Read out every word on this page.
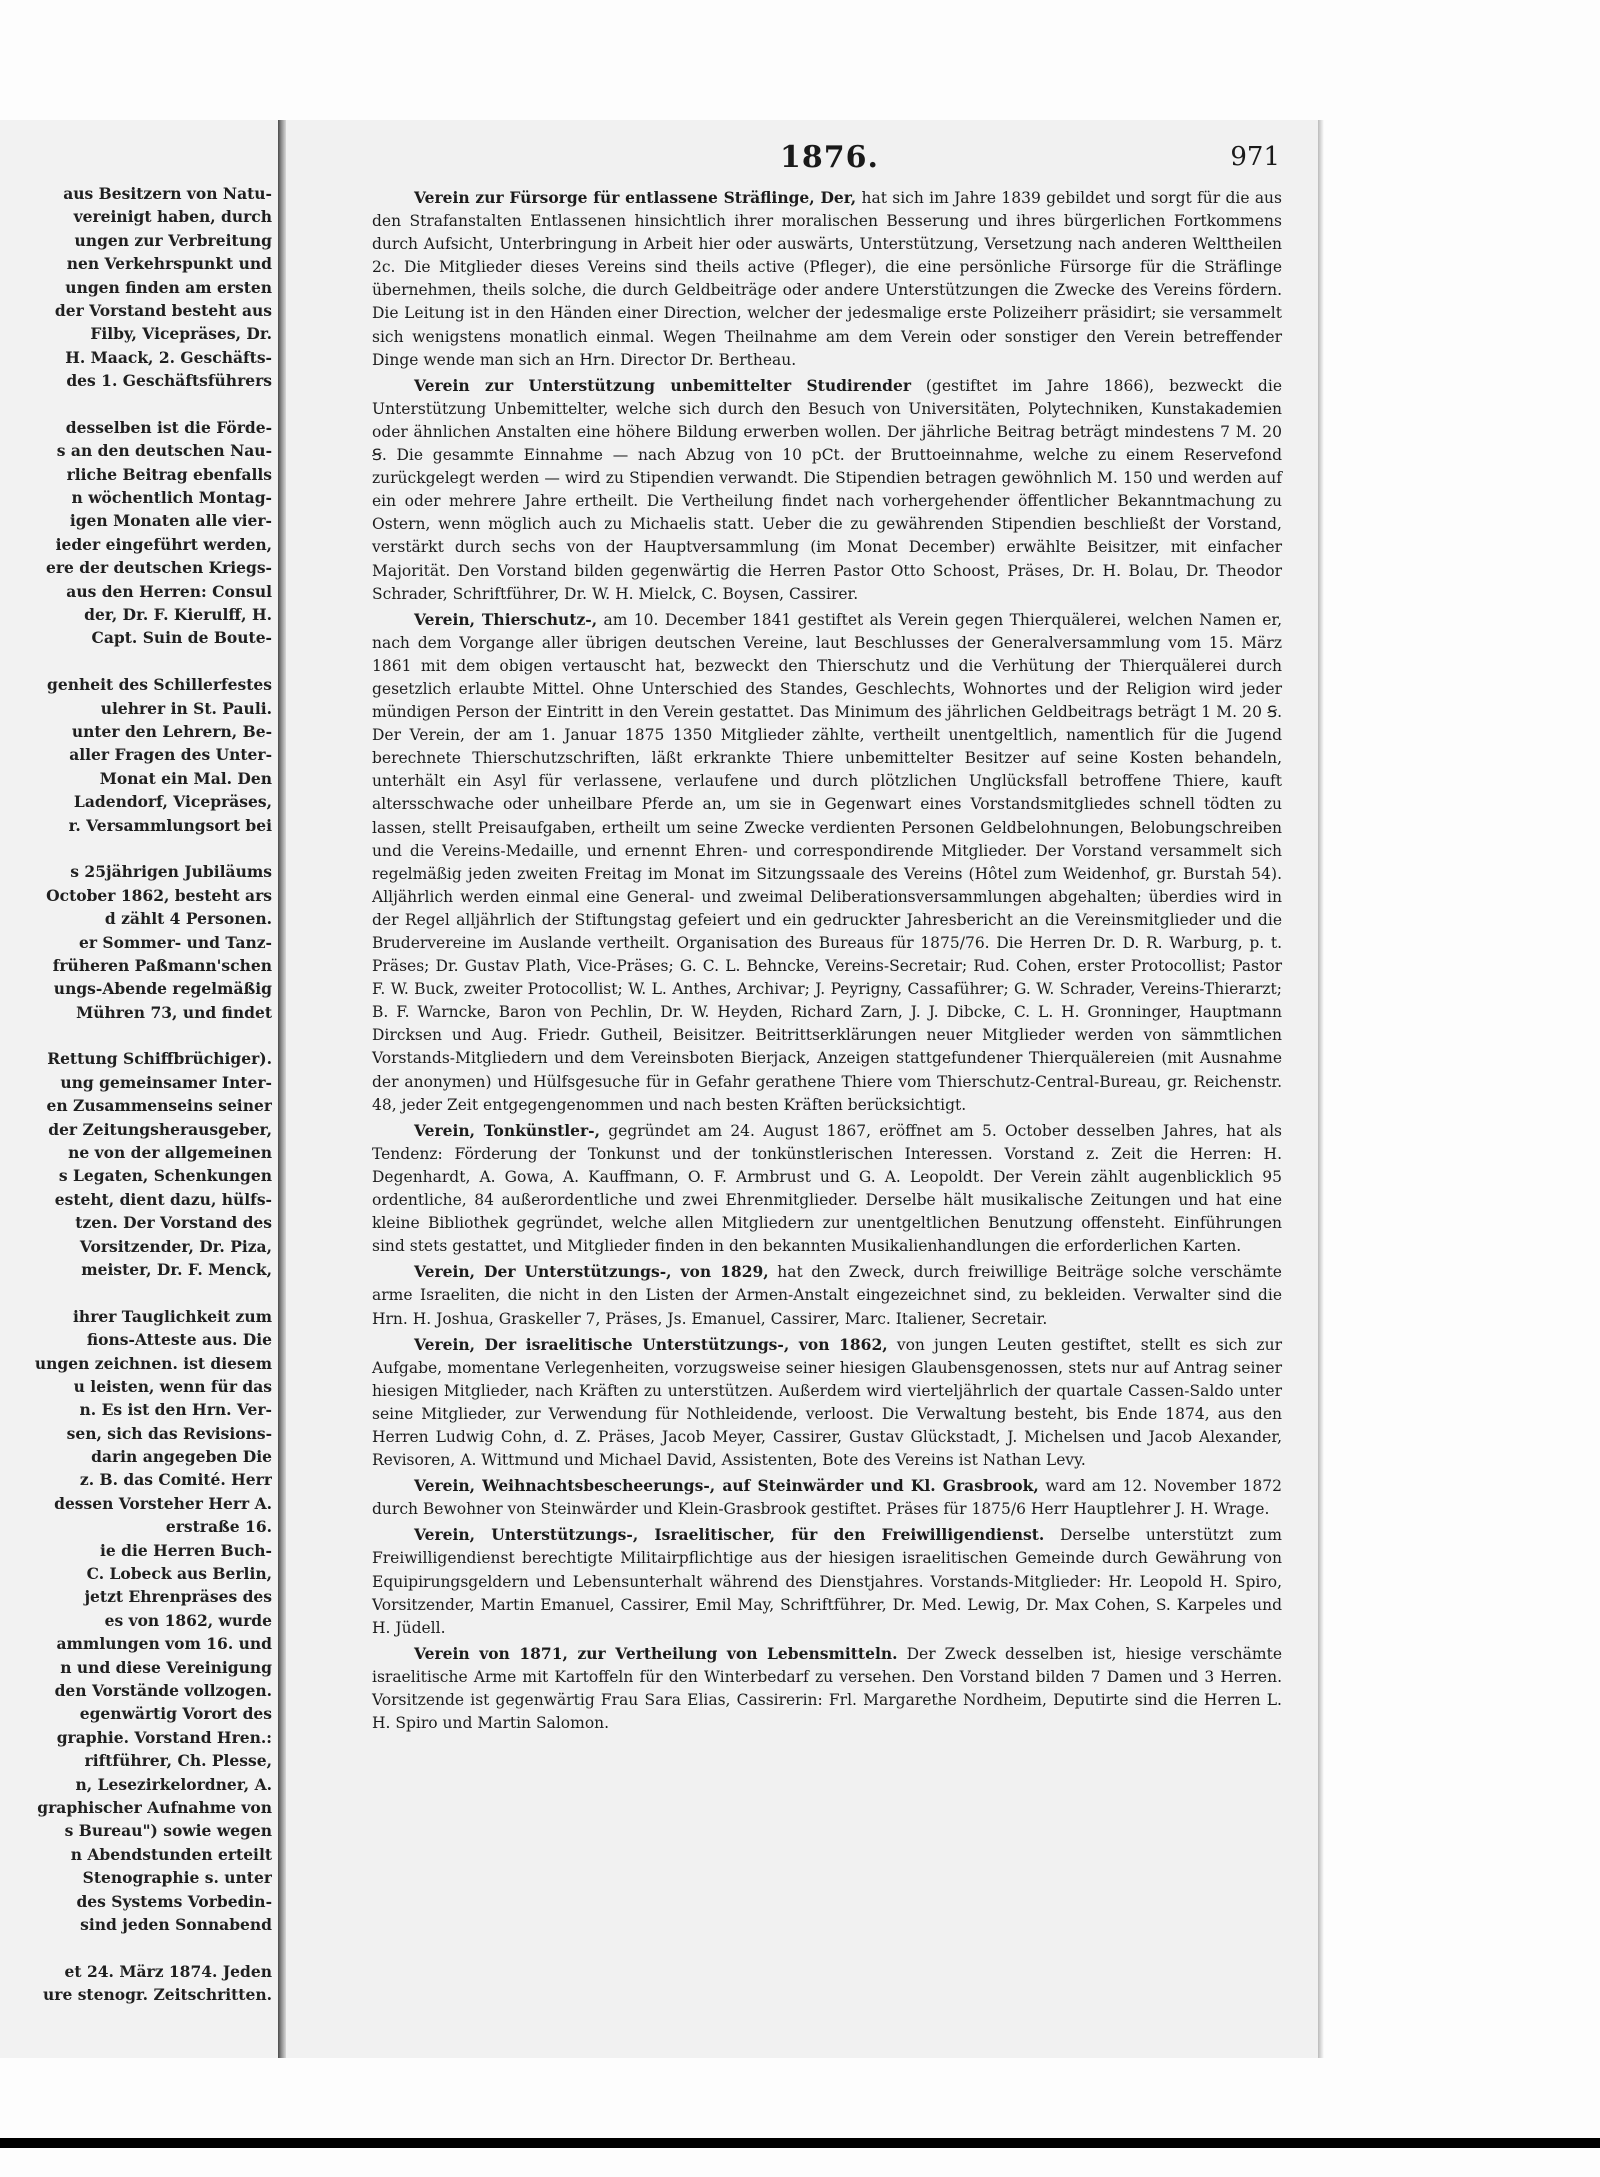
aus Besitzern von Natu-
vereinigt haben, durch
ungen zur Verbreitung
nen Verkehrspunkt und
ungen finden am ersten
der Vorstand besteht aus
Filby, Vicepräses, Dr.
H. Maack, 2. Geschäfts-
des 1. Geschäftsführers

desselben ist die Förde-
s an den deutschen Nau-
rliche Beitrag ebenfalls
n wöchentlich Montag-
igen Monaten alle vier-
ieder eingeführt werden,
ere der deutschen Kriegs-
aus den Herren: Consul
der, Dr. F. Kierulff, H.
Capt. Suin de Boute-

genheit des Schillerfestes
ulehrer in St. Pauli.
unter den Lehrern, Be-
aller Fragen des Unter-
Monat ein Mal. Den
Ladendorf, Vicepräses,
r. Versammlungsort bei

s 25jährigen Jubiläums
October 1862, besteht ars
d zählt 4 Personen.
er Sommer- und Tanz-
früheren Paßmann'schen
ungs-Abende regelmäßig
Mühren 73, und findet

Rettung Schiffbrüchiger).
ung gemeinsamer Inter-
en Zusammenseins seiner
der Zeitungsherausgeber,
ne von der allgemeinen
s Legaten, Schenkungen
esteht, dient dazu, hülfs-
tzen. Der Vorstand des
Vorsitzender, Dr. Piza,
meister, Dr. F. Menck,

ihrer Tauglichkeit zum
fions-Atteste aus. Die
ungen zeichnen. ist diesem
u leisten, wenn für das
n. Es ist den Hrn. Ver-
sen, sich das Revisions-
darin angegeben Die
z. B. das Comité. Herr
dessen Vorsteher Herr A.
erstraße 16.
ie die Herren Buch-
C. Lobeck aus Berlin,
jetzt Ehrenpräses des
es von 1862, wurde
ammlungen vom 16. und
n und diese Vereinigung
den Vorstände vollzogen.
egenwärtig Vorort des
graphie. Vorstand Hren.:
riftführer, Ch. Plesse,
n, Lesezirkelordner, A.
graphischer Aufnahme von
s Bureau") sowie wegen
n Abendstunden erteilt
Stenographie s. unter
des Systems Vorbedin-
sind jeden Sonnabend

et 24. März 1874. Jeden
ure stenogr. Zeitschritten.
1876.	971

Verein zur Fürsorge für entlassene Sträflinge, Der, hat sich im Jahre 1839 gebildet und sorgt für die aus den Strafanstalten Entlassenen hinsichtlich ihrer moralischen Besserung und ihres bürgerlichen Fortkommens durch Aufsicht, Unterbringung in Arbeit hier oder auswärts, Unterstützung, Versetzung nach anderen Welttheilen 2c. Die Mitglieder dieses Vereins sind theils active (Pfleger), die eine persönliche Fürsorge für die Sträflinge übernehmen, theils solche, die durch Geldbeiträge oder andere Unterstützungen die Zwecke des Vereins fördern. Die Leitung ist in den Händen einer Direction, welcher der jedesmalige erste Polizeiherr präsidirt; sie versammelt sich wenigstens monatlich einmal. Wegen Theilnahme am dem Verein oder sonstiger den Verein betreffender Dinge wende man sich an Hrn. Director Dr. Bertheau.

Verein zur Unterstützung unbemittelter Studirender (gestiftet im Jahre 1866), bezweckt die Unterstützung Unbemittelter, welche sich durch den Besuch von Universitäten, Polytechniken, Kunstakademien oder ähnlichen Anstalten eine höhere Bildung erwerben wollen. Der jährliche Beitrag beträgt mindestens 7 M. 20 Ꞩ. Die gesammte Einnahme — nach Abzug von 10 pCt. der Bruttoeinnahme, welche zu einem Reservefond zurückgelegt werden — wird zu Stipendien verwandt. Die Stipendien betragen gewöhnlich M. 150 und werden auf ein oder mehrere Jahre ertheilt. Die Vertheilung findet nach vorhergehender öffentlicher Bekanntmachung zu Ostern, wenn möglich auch zu Michaelis statt. Ueber die zu gewährenden Stipendien beschließt der Vorstand, verstärkt durch sechs von der Hauptversammlung (im Monat December) erwählte Beisitzer, mit einfacher Majorität. Den Vorstand bilden gegenwärtig die Herren Pastor Otto Schoost, Präses, Dr. H. Bolau, Dr. Theodor Schrader, Schriftführer, Dr. W. H. Mielck, C. Boysen, Cassirer.

Verein, Thierschutz-, am 10. December 1841 gestiftet als Verein gegen Thierquälerei, welchen Namen er, nach dem Vorgange aller übrigen deutschen Vereine, laut Beschlusses der Generalversammlung vom 15. März 1861 mit dem obigen vertauscht hat, bezweckt den Thierschutz und die Verhütung der Thierquälerei durch gesetzlich erlaubte Mittel. Ohne Unterschied des Standes, Geschlechts, Wohnortes und der Religion wird jeder mündigen Person der Eintritt in den Verein gestattet. Das Minimum des jährlichen Geldbeitrags beträgt 1 M. 20 Ꞩ. Der Verein, der am 1. Januar 1875 1350 Mitglieder zählte, vertheilt unentgeltlich, namentlich für die Jugend berechnete Thierschutzschriften, läßt erkrankte Thiere unbemittelter Besitzer auf seine Kosten behandeln, unterhält ein Asyl für verlassene, verlaufene und durch plötzlichen Unglücksfall betroffene Thiere, kauft altersschwache oder unheilbare Pferde an, um sie in Gegenwart eines Vorstandsmitgliedes schnell tödten zu lassen, stellt Preisaufgaben, ertheilt um seine Zwecke verdienten Personen Geldbelohnungen, Belobungschreiben und die Vereins-Medaille, und ernennt Ehren- und correspondirende Mitglieder. Der Vorstand versammelt sich regelmäßig jeden zweiten Freitag im Monat im Sitzungssaale des Vereins (Hôtel zum Weidenhof, gr. Burstah 54). Alljährlich werden einmal eine General- und zweimal Deliberationsversammlungen abgehalten; überdies wird in der Regel alljährlich der Stiftungstag gefeiert und ein gedruckter Jahresbericht an die Vereinsmitglieder und die Brudervereine im Auslande vertheilt. Organisation des Bureaus für 1875/76. Die Herren Dr. D. R. Warburg, p. t. Präses; Dr. Gustav Plath, Vice-Präses; G. C. L. Behncke, Vereins-Secretair; Rud. Cohen, erster Protocollist; Pastor F. W. Buck, zweiter Protocollist; W. L. Anthes, Archivar; J. Peyrigny, Cassaführer; G. W. Schrader, Vereins-Thierarzt; B. F. Warncke, Baron von Pechlin, Dr. W. Heyden, Richard Zarn, J. J. Dibcke, C. L. H. Gronninger, Hauptmann Dircksen und Aug. Friedr. Gutheil, Beisitzer. Beitrittserklärungen neuer Mitglieder werden von sämmtlichen Vorstands-Mitgliedern und dem Vereinsboten Bierjack, Anzeigen stattgefundener Thierquälereien (mit Ausnahme der anonymen) und Hülfsgesuche für in Gefahr gerathene Thiere vom Thierschutz-Central-Bureau, gr. Reichenstr. 48, jeder Zeit entgegengenommen und nach besten Kräften berücksichtigt.

Verein, Tonkünstler-, gegründet am 24. August 1867, eröffnet am 5. October desselben Jahres, hat als Tendenz: Förderung der Tonkunst und der tonkünstlerischen Interessen. Vorstand z. Zeit die Herren: H. Degenhardt, A. Gowa, A. Kauffmann, O. F. Armbrust und G. A. Leopoldt. Der Verein zählt augenblicklich 95 ordentliche, 84 außerordentliche und zwei Ehrenmitglieder. Derselbe hält musikalische Zeitungen und hat eine kleine Bibliothek gegründet, welche allen Mitgliedern zur unentgeltlichen Benutzung offensteht. Einführungen sind stets gestattet, und Mitglieder finden in den bekannten Musikalienhandlungen die erforderlichen Karten.

Verein, Der Unterstützungs-, von 1829, hat den Zweck, durch freiwillige Beiträge solche verschämte arme Israeliten, die nicht in den Listen der Armen-Anstalt eingezeichnet sind, zu bekleiden. Verwalter sind die Hrn. H. Joshua, Graskeller 7, Präses, Js. Emanuel, Cassirer, Marc. Italiener, Secretair.

Verein, Der israelitische Unterstützungs-, von 1862, von jungen Leuten gestiftet, stellt es sich zur Aufgabe, momentane Verlegenheiten, vorzugsweise seiner hiesigen Glaubensgenossen, stets nur auf Antrag seiner hiesigen Mitglieder, nach Kräften zu unterstützen. Außerdem wird vierteljährlich der quartale Cassen-Saldo unter seine Mitglieder, zur Verwendung für Nothleidende, verloost. Die Verwaltung besteht, bis Ende 1874, aus den Herren Ludwig Cohn, d. Z. Präses, Jacob Meyer, Cassirer, Gustav Glückstadt, J. Michelsen und Jacob Alexander, Revisoren, A. Wittmund und Michael David, Assistenten, Bote des Vereins ist Nathan Levy.

Verein, Weihnachtsbescheerungs-, auf Steinwärder und Kl. Grasbrook, ward am 12. November 1872 durch Bewohner von Steinwärder und Klein-Grasbrook gestiftet. Präses für 1875/6 Herr Hauptlehrer J. H. Wrage.

Verein, Unterstützungs-, Israelitischer, für den Freiwilligendienst. Derselbe unterstützt zum Freiwilligendienst berechtigte Militairpflichtige aus der hiesigen israelitischen Gemeinde durch Gewährung von Equipirungsgeldern und Lebensunterhalt während des Dienstjahres. Vorstands-Mitglieder: Hr. Leopold H. Spiro, Vorsitzender, Martin Emanuel, Cassirer, Emil May, Schriftführer, Dr. Med. Lewig, Dr. Max Cohen, S. Karpeles und H. Jüdell.

Verein von 1871, zur Vertheilung von Lebensmitteln. Der Zweck desselben ist, hiesige verschämte israelitische Arme mit Kartoffeln für den Winterbedarf zu versehen. Den Vorstand bilden 7 Damen und 3 Herren. Vorsitzende ist gegenwärtig Frau Sara Elias, Cassirerin: Frl. Margarethe Nordheim, Deputirte sind die Herren L. H. Spiro und Martin Salomon.
